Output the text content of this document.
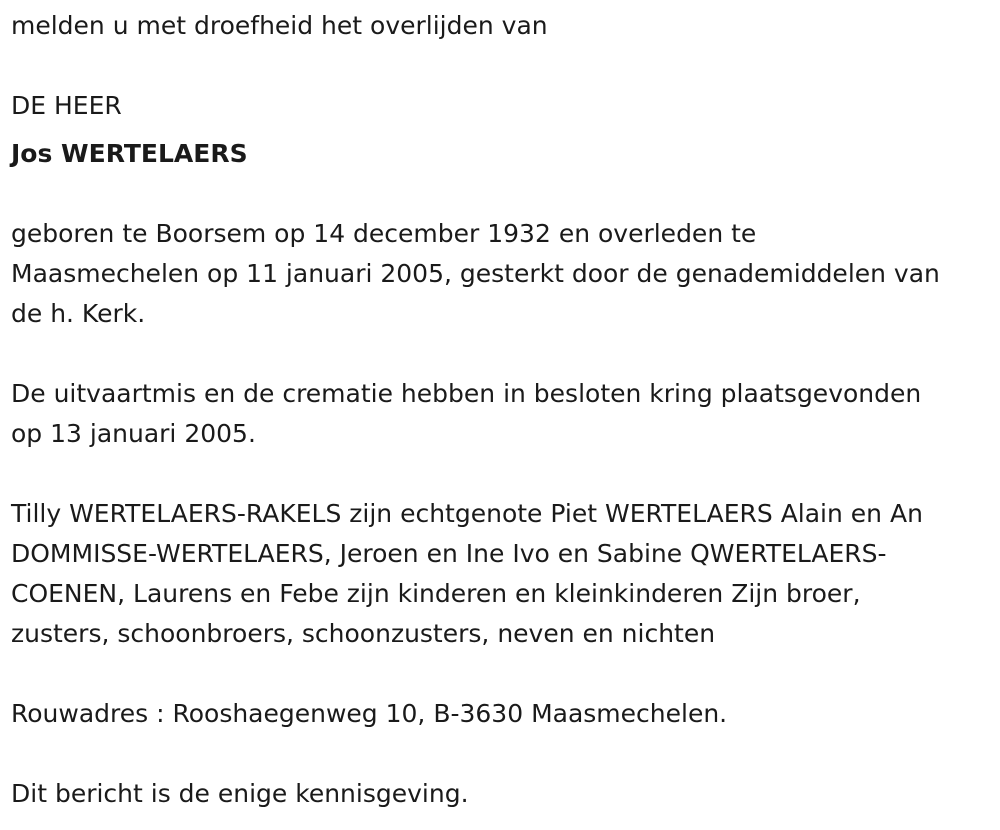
melden u met droefheid het overlijden van
DE HEER
Jos WERTELAERS
geboren te Boorsem op 14 december 1932 en overleden te
Maasmechelen op 11 januari 2005, gesterkt door de genademiddelen van
de h. Kerk.
De uitvaartmis en de crematie hebben in besloten kring plaatsgevonden
op 13 januari 2005.
Tilly WERTELAERS-RAKELS zijn echtgenote Piet WERTELAERS Alain en An
DOMMISSE-WERTELAERS, Jeroen en Ine Ivo en Sabine QWERTELAERS-
COENEN, Laurens en Febe zijn kinderen en kleinkinderen Zijn broer,
zusters, schoonbroers, schoonzusters, neven en nichten
Rouwadres : Rooshaegenweg 10, B-3630 Maasmechelen.
Dit bericht is de enige kennisgeving.
